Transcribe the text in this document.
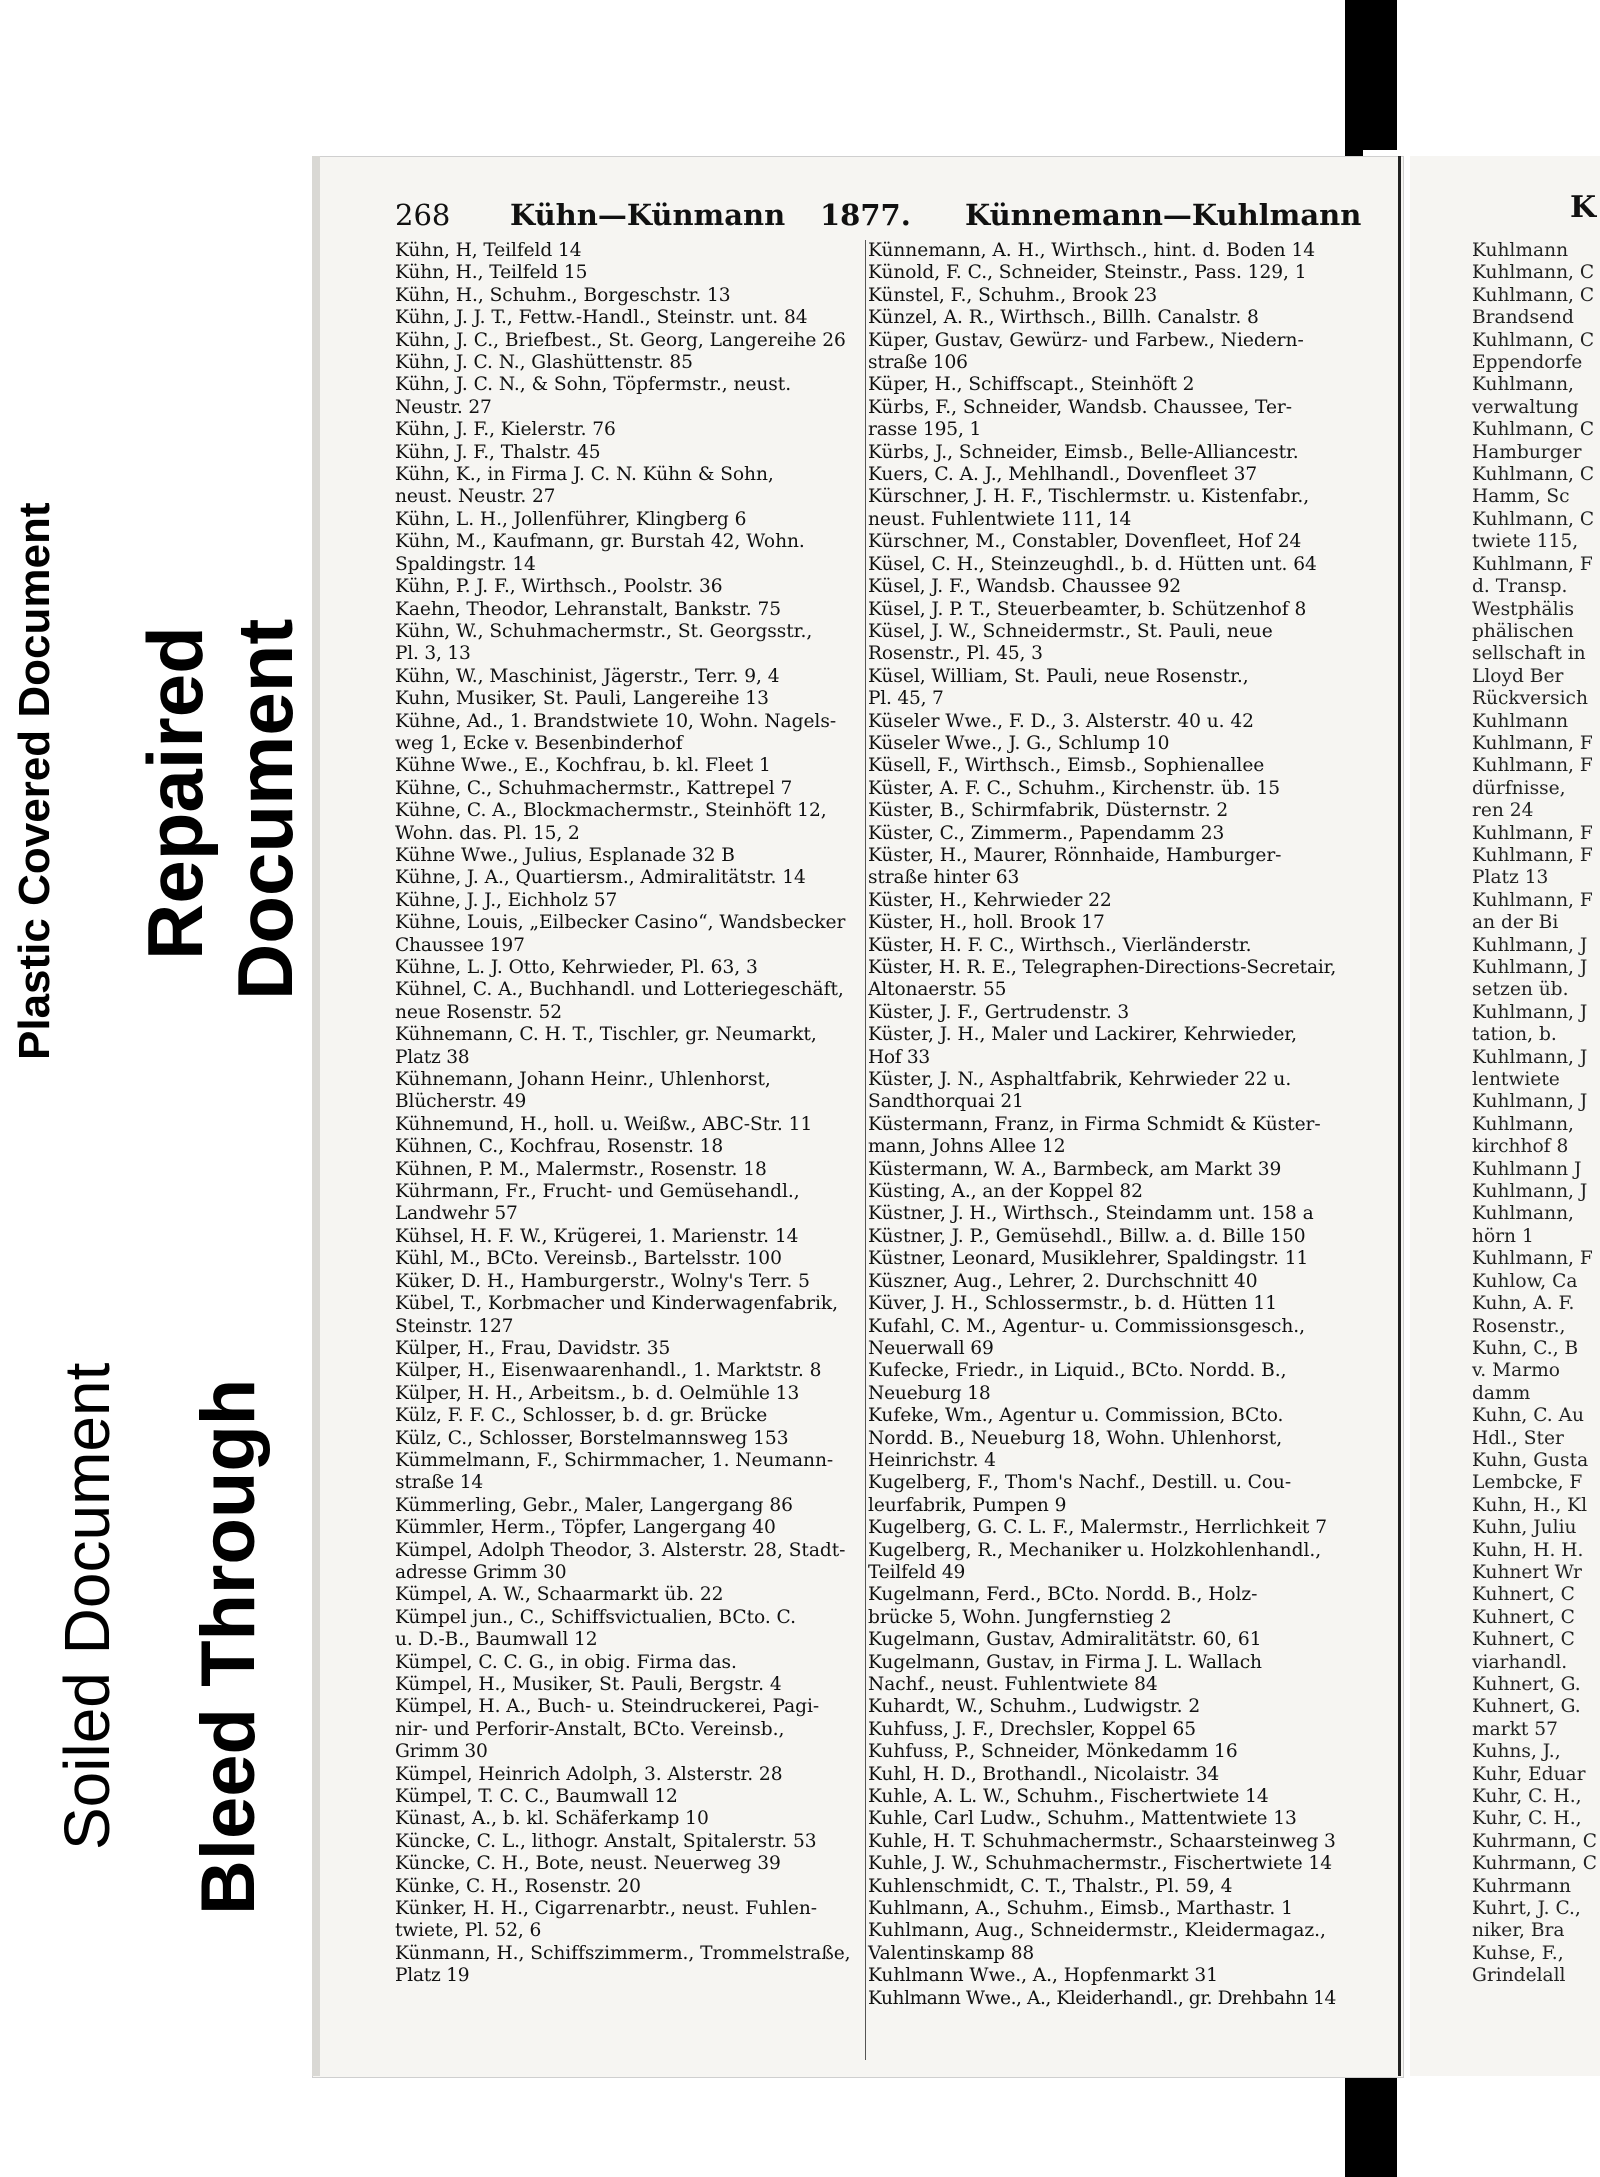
Plastic Covered Document Repaired Document
Soiled Document Bleed Through
268 Kühn—Künmann 1877. Künnemann—Kuhlmann	K
Kühn, H, Teilfeld 14
Kühn, H., Teilfeld 15
Kühn, H., Schuhm., Borgeschstr. 13
Kühn, J. J. T., Fettw.-Handl., Steinstr. unt. 84
Kühn, J. C., Briefbest., St. Georg, Langereihe 26
Kühn, J. C. N., Glashüttenstr. 85
Kühn, J. C. N., & Sohn, Töpfermstr., neust.
Neustr. 27
Kühn, J. F., Kielerstr. 76
Kühn, J. F., Thalstr. 45
Kühn, K., in Firma J. C. N. Kühn & Sohn,
neust. Neustr. 27
Kühn, L. H., Jollenführer, Klingberg 6
Kühn, M., Kaufmann, gr. Burstah 42, Wohn.
Spaldingstr. 14
Kühn, P. J. F., Wirthsch., Poolstr. 36
Kaehn, Theodor, Lehranstalt, Bankstr. 75
Kühn, W., Schuhmachermstr., St. Georgsstr.,
Pl. 3, 13
Kühn, W., Maschinist, Jägerstr., Terr. 9, 4
Kuhn, Musiker, St. Pauli, Langereihe 13
Kühne, Ad., 1. Brandstwiete 10, Wohn. Nagels-
weg 1, Ecke v. Besenbinderhof
Kühne Wwe., E., Kochfrau, b. kl. Fleet 1
Kühne, C., Schuhmachermstr., Kattrepel 7
Kühne, C. A., Blockmachermstr., Steinhöft 12,
Wohn. das. Pl. 15, 2
Kühne Wwe., Julius, Esplanade 32 B
Kühne, J. A., Quartiersm., Admiralitätstr. 14
Kühne, J. J., Eichholz 57
Kühne, Louis, „Eilbecker Casino“, Wandsbecker
Chaussee 197
Kühne, L. J. Otto, Kehrwieder, Pl. 63, 3
Kühnel, C. A., Buchhandl. und Lotteriegeschäft,
neue Rosenstr. 52
Kühnemann, C. H. T., Tischler, gr. Neumarkt,
Platz 38
Kühnemann, Johann Heinr., Uhlenhorst,
Blücherstr. 49
Kühnemund, H., holl. u. Weißw., ABC-Str. 11
Kühnen, C., Kochfrau, Rosenstr. 18
Kühnen, P. M., Malermstr., Rosenstr. 18
Kührmann, Fr., Frucht- und Gemüsehandl.,
Landwehr 57
Kühsel, H. F. W., Krügerei, 1. Marienstr. 14
Kühl, M., BCto. Vereinsb., Bartelsstr. 100
Küker, D. H., Hamburgerstr., Wolny's Terr. 5
Kübel, T., Korbmacher und Kinderwagenfabrik,
Steinstr. 127
Külper, H., Frau, Davidstr. 35
Külper, H., Eisenwaarenhandl., 1. Marktstr. 8
Külper, H. H., Arbeitsm., b. d. Oelmühle 13
Külz, F. F. C., Schlosser, b. d. gr. Brücke
Külz, C., Schlosser, Borstelmannsweg 153
Kümmelmann, F., Schirmmacher, 1. Neumann-
straße 14
Kümmerling, Gebr., Maler, Langergang 86
Kümmler, Herm., Töpfer, Langergang 40
Kümpel, Adolph Theodor, 3. Alsterstr. 28, Stadt-
adresse Grimm 30
Kümpel, A. W., Schaarmarkt üb. 22
Kümpel jun., C., Schiffsvictualien, BCto. C.
u. D.-B., Baumwall 12
Kümpel, C. C. G., in obig. Firma das.
Kümpel, H., Musiker, St. Pauli, Bergstr. 4
Kümpel, H. A., Buch- u. Steindruckerei, Pagi-
nir- und Perforir-Anstalt, BCto. Vereinsb.,
Grimm 30
Kümpel, Heinrich Adolph, 3. Alsterstr. 28
Kümpel, T. C. C., Baumwall 12
Künast, A., b. kl. Schäferkamp 10
Küncke, C. L., lithogr. Anstalt, Spitalerstr. 53
Küncke, C. H., Bote, neust. Neuerweg 39
Künke, C. H., Rosenstr. 20
Künker, H. H., Cigarrenarbtr., neust. Fuhlen-
twiete, Pl. 52, 6
Künmann, H., Schiffszimmerm., Trommelstraße,
Platz 19
Künnemann, A. H., Wirthsch., hint. d. Boden 14
Künold, F. C., Schneider, Steinstr., Pass. 129, 1
Künstel, F., Schuhm., Brook 23
Künzel, A. R., Wirthsch., Billh. Canalstr. 8
Küper, Gustav, Gewürz- und Farbew., Niedern-
straße 106
Küper, H., Schiffscapt., Steinhöft 2
Kürbs, F., Schneider, Wandsb. Chaussee, Ter-
rasse 195, 1
Kürbs, J., Schneider, Eimsb., Belle-Alliancestr.
Kuers, C. A. J., Mehlhandl., Dovenfleet 37
Kürschner, J. H. F., Tischlermstr. u. Kistenfabr.,
neust. Fuhlentwiete 111, 14
Kürschner, M., Constabler, Dovenfleet, Hof 24
Küsel, C. H., Steinzeughdl., b. d. Hütten unt. 64
Küsel, J. F., Wandsb. Chaussee 92
Küsel, J. P. T., Steuerbeamter, b. Schützenhof 8
Küsel, J. W., Schneidermstr., St. Pauli, neue
Rosenstr., Pl. 45, 3
Küsel, William, St. Pauli, neue Rosenstr.,
Pl. 45, 7
Küseler Wwe., F. D., 3. Alsterstr. 40 u. 42
Küseler Wwe., J. G., Schlump 10
Küsell, F., Wirthsch., Eimsb., Sophienallee
Küster, A. F. C., Schuhm., Kirchenstr. üb. 15
Küster, B., Schirmfabrik, Düsternstr. 2
Küster, C., Zimmerm., Papendamm 23
Küster, H., Maurer, Rönnhaide, Hamburger-
straße hinter 63
Küster, H., Kehrwieder 22
Küster, H., holl. Brook 17
Küster, H. F. C., Wirthsch., Vierländerstr.
Küster, H. R. E., Telegraphen-Directions-Secretair,
Altonaerstr. 55
Küster, J. F., Gertrudenstr. 3
Küster, J. H., Maler und Lackirer, Kehrwieder,
Hof 33
Küster, J. N., Asphaltfabrik, Kehrwieder 22 u.
Sandthorquai 21
Küstermann, Franz, in Firma Schmidt & Küster-
mann, Johns Allee 12
Küstermann, W. A., Barmbeck, am Markt 39
Küsting, A., an der Koppel 82
Küstner, J. H., Wirthsch., Steindamm unt. 158 a
Küstner, J. P., Gemüsehdl., Billw. a. d. Bille 150
Küstner, Leonard, Musiklehrer, Spaldingstr. 11
Küszner, Aug., Lehrer, 2. Durchschnitt 40
Küver, J. H., Schlossermstr., b. d. Hütten 11
Kufahl, C. M., Agentur- u. Commissionsgesch.,
Neuerwall 69
Kufecke, Friedr., in Liquid., BCto. Nordd. B.,
Neueburg 18
Kufeke, Wm., Agentur u. Commission, BCto.
Nordd. B., Neueburg 18, Wohn. Uhlenhorst,
Heinrichstr. 4
Kugelberg, F., Thom's Nachf., Destill. u. Cou-
leurfabrik, Pumpen 9
Kugelberg, G. C. L. F., Malermstr., Herrlichkeit 7
Kugelberg, R., Mechaniker u. Holzkohlenhandl.,
Teilfeld 49
Kugelmann, Ferd., BCto. Nordd. B., Holz-
brücke 5, Wohn. Jungfernstieg 2
Kugelmann, Gustav, Admiralitätstr. 60, 61
Kugelmann, Gustav, in Firma J. L. Wallach
Nachf., neust. Fuhlentwiete 84
Kuhardt, W., Schuhm., Ludwigstr. 2
Kuhfuss, J. F., Drechsler, Koppel 65
Kuhfuss, P., Schneider, Mönkedamm 16
Kuhl, H. D., Brothandl., Nicolaistr. 34
Kuhle, A. L. W., Schuhm., Fischertwiete 14
Kuhle, Carl Ludw., Schuhm., Mattentwiete 13
Kuhle, H. T. Schuhmachermstr., Schaarsteinweg 3
Kuhle, J. W., Schuhmachermstr., Fischertwiete 14
Kuhlenschmidt, C. T., Thalstr., Pl. 59, 4
Kuhlmann, A., Schuhm., Eimsb., Marthastr. 1
Kuhlmann, Aug., Schneidermstr., Kleidermagaz.,
Valentinskamp 88
Kuhlmann Wwe., A., Hopfenmarkt 31
Kuhlmann Wwe., A., Kleiderhandl., gr. Drehbahn 14
Kuhlmann
Kuhlmann, C
Kuhlmann, C
Brandsend
Kuhlmann, C
Eppendorfe
Kuhlmann,
verwaltung
Kuhlmann, C
Hamburger
Kuhlmann, C
Hamm, Sc
Kuhlmann, C
twiete 115,
Kuhlmann, F
d. Transp.
Westphälis
phälischen
sellschaft in
Lloyd Ber
Rückversich
Kuhlmann
Kuhlmann, F
Kuhlmann, F
dürfnisse,
ren 24
Kuhlmann, F
Kuhlmann, F
Platz 13
Kuhlmann, F
an der Bi
Kuhlmann, J
Kuhlmann, J
setzen üb.
Kuhlmann, J
tation, b.
Kuhlmann, J
lentwiete
Kuhlmann, J
Kuhlmann,
kirchhof 8
Kuhlmann J
Kuhlmann, J
Kuhlmann,
hörn 1
Kuhlmann, F
Kuhlow, Ca
Kuhn, A. F.
Rosenstr.,
Kuhn, C., B
v. Marmo
damm
Kuhn, C. Au
Hdl., Ster
Kuhn, Gusta
Lembcke, F
Kuhn, H., Kl
Kuhn, Juliu
Kuhn, H. H.
Kuhnert Wr
Kuhnert, C
Kuhnert, C
Kuhnert, C
viarhandl.
Kuhnert, G.
Kuhnert, G.
markt 57
Kuhns, J.,
Kuhr, Eduar
Kuhr, C. H.,
Kuhr, C. H.,
Kuhrmann, C
Kuhrmann, C
Kuhrmann
Kuhrt, J. C.,
niker, Bra
Kuhse, F.,
Grindelall
